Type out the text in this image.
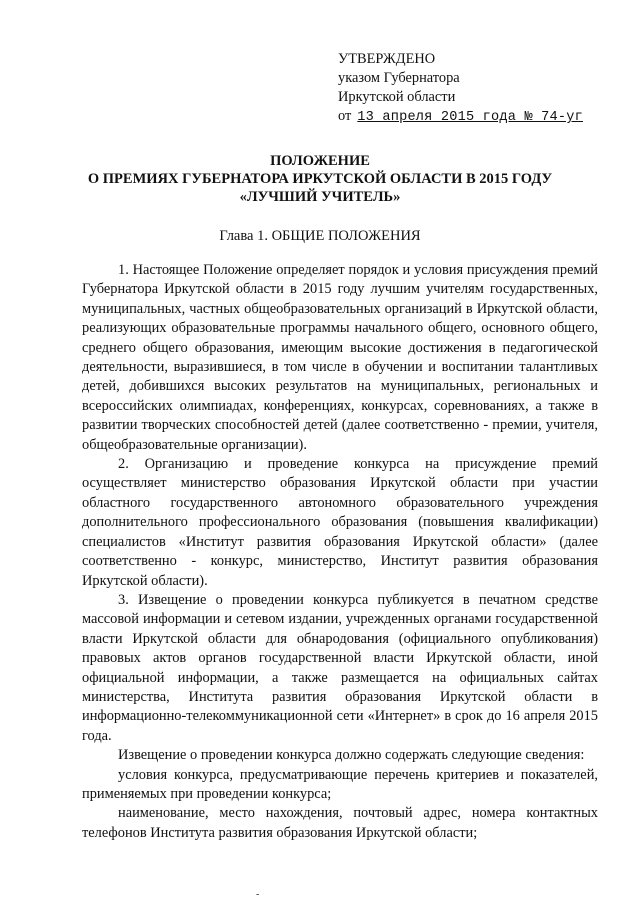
УТВЕРЖДЕНО
указом Губернатора
Иркутской области
от 13 апреля 2015 года № 74-уг
ПОЛОЖЕНИЕ
О ПРЕМИЯХ ГУБЕРНАТОРА ИРКУТСКОЙ ОБЛАСТИ В 2015 ГОДУ
«ЛУЧШИЙ УЧИТЕЛЬ»
Глава 1. ОБЩИЕ ПОЛОЖЕНИЯ

1. Настоящее Положение определяет порядок и условия присуждения премий Губернатора Иркутской области в 2015 году лучшим учителям государственных, муниципальных, частных общеобразовательных организаций в Иркутской области, реализующих образовательные программы начального общего, основного общего, среднего общего образования, имеющим высокие достижения в педагогической деятельности, выразившиеся, в том числе в обучении и воспитании талантливых детей, добившихся высоких результатов на муниципальных, региональных и всероссийских олимпиадах, конференциях, конкурсах, соревнованиях, а также в развитии творческих способностей детей (далее соответственно - премии, учителя, общеобразовательные организации).

2. Организацию и проведение конкурса на присуждение премий осуществляет министерство образования Иркутской области при участии областного государственного автономного образовательного учреждения дополнительного профессионального образования (повышения квалификации) специалистов «Институт развития образования Иркутской области» (далее соответственно - конкурс, министерство, Институт развития образования Иркутской области).

3. Извещение о проведении конкурса публикуется в печатном средстве массовой информации и сетевом издании, учрежденных органами государственной власти Иркутской области для обнародования (официального опубликования) правовых актов органов государственной власти Иркутской области, иной официальной информации, а также размещается на официальных сайтах министерства, Института развития образования Иркутской области в информационно-телекоммуникационной сети «Интернет» в срок до 16 апреля 2015 года.

Извещение о проведении конкурса должно содержать следующие сведения:

условия конкурса, предусматривающие перечень критериев и показателей, применяемых при проведении конкурса;

наименование, место нахождения, почтовый адрес, номера контактных телефонов Института развития образования Иркутской области;

-
